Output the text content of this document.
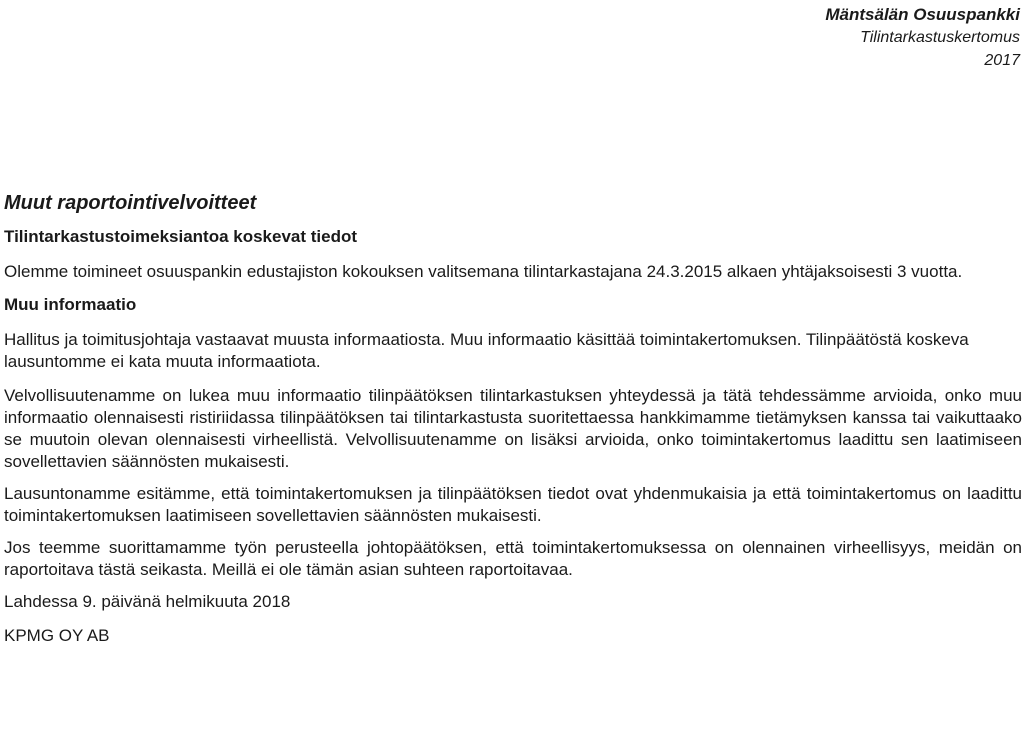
Mäntsälän Osuuspankki
Tilintarkastuskertomus
2017
Muut raportointivelvoitteet
Tilintarkastustoimeksiantoa koskevat tiedot

Olemme toimineet osuuspankin edustajiston kokouksen valitsemana tilintarkastajana 24.3.2015 alkaen yhtäjaksoisesti 3 vuotta.

Muu informaatio

Hallitus ja toimitusjohtaja vastaavat muusta informaatiosta. Muu informaatio käsittää toimintakertomuksen. Tilinpäätöstä koskeva lausuntomme ei kata muuta informaatiota.

Velvollisuutenamme on lukea muu informaatio tilinpäätöksen tilintarkastuksen yhteydessä ja tätä tehdessämme arvioida, onko muu informaatio olennaisesti ristiriidassa tilinpäätöksen tai tilintarkastusta suoritettaessa hankkimamme tietämyksen kanssa tai vaikuttaako se muutoin olevan olennaisesti virheellistä. Velvollisuutenamme on lisäksi arvioida, onko toimintakertomus laadittu sen laatimiseen sovellettavien säännösten mukaisesti.

Lausuntonamme esitämme, että toimintakertomuksen ja tilinpäätöksen tiedot ovat yhdenmukaisia ja että toimintakertomus on laadittu toimintakertomuksen laatimiseen sovellettavien säännösten mukaisesti.

Jos teemme suorittamamme työn perusteella johtopäätöksen, että toimintakertomuksessa on olennainen virheellisyys, meidän on raportoitava tästä seikasta. Meillä ei ole tämän asian suhteen raportoitavaa.

Lahdessa 9. päivänä helmikuuta 2018

KPMG OY AB
